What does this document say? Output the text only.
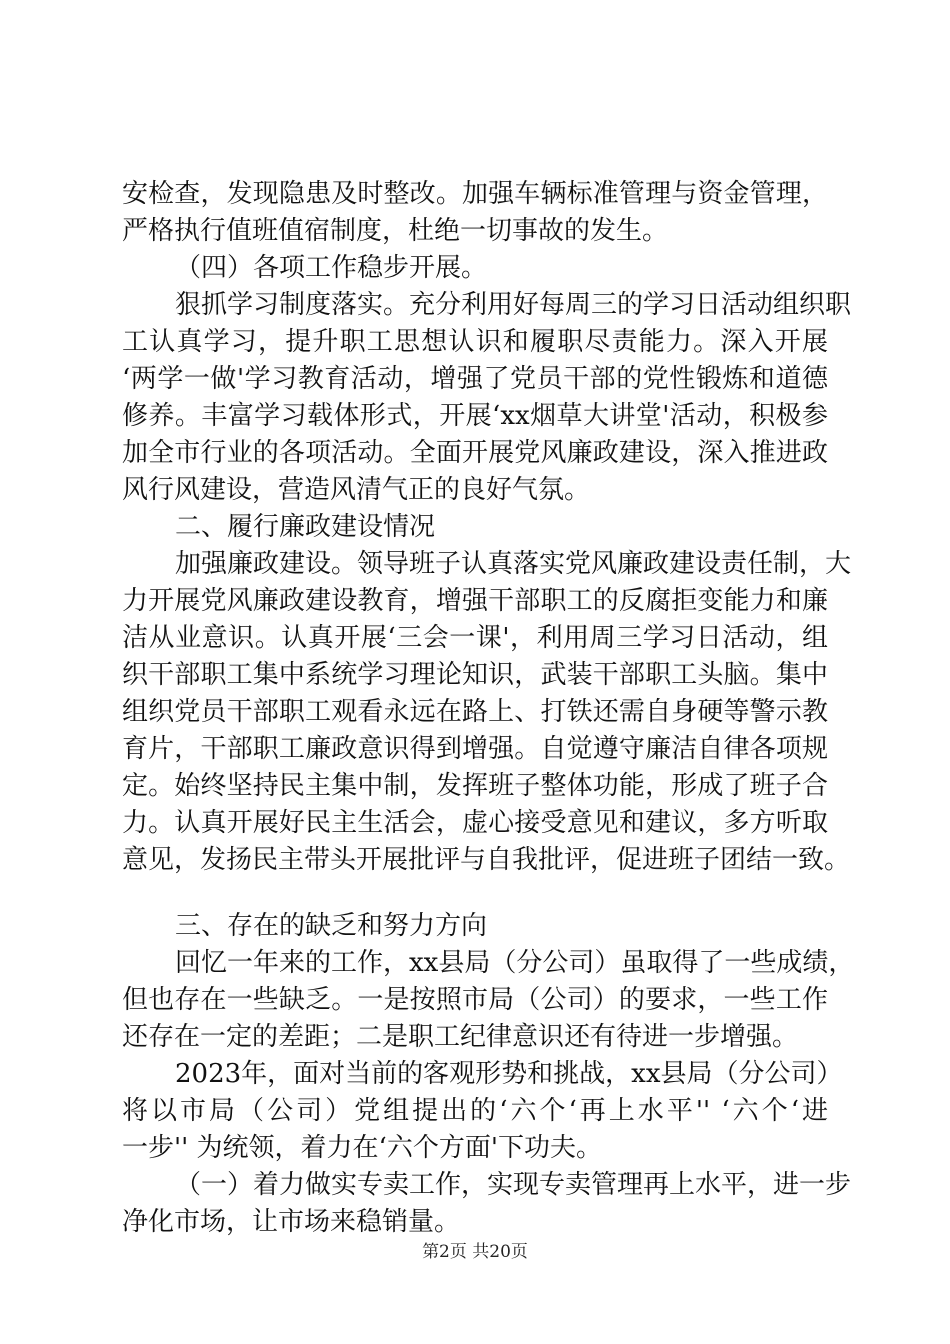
安检查，发现隐患及时整改。加强车辆标准管理与资金管理，
严格执行值班值宿制度，杜绝一切事故的发生。
（四）各项工作稳步开展。
狠抓学习制度落实。充分利用好每周三的学习日活动组织职
工认真学习，提升职工思想认识和履职尽责能力。深入开展
‘两学一做'学习教育活动，增强了党员干部的党性锻炼和道德
修养。丰富学习载体形式，开展‘xx烟草大讲堂'活动，积极参
加全市行业的各项活动。全面开展党风廉政建设，深入推进政
风行风建设，营造风清气正的良好气氛。
二、履行廉政建设情况
加强廉政建设。领导班子认真落实党风廉政建设责任制，大
力开展党风廉政建设教育，增强干部职工的反腐拒变能力和廉
洁从业意识。认真开展‘三会一课'，利用周三学习日活动，组
织干部职工集中系统学习理论知识，武装干部职工头脑。集中
组织党员干部职工观看永远在路上、打铁还需自身硬等警示教
育片，干部职工廉政意识得到增强。自觉遵守廉洁自律各项规
定。始终坚持民主集中制，发挥班子整体功能，形成了班子合
力。认真开展好民主生活会，虚心接受意见和建议，多方听取
意见，发扬民主带头开展批评与自我批评，促进班子团结一致。
三、存在的缺乏和努力方向
回忆一年来的工作，xx县局（分公司）虽取得了一些成绩，
但也存在一些缺乏。一是按照市局（公司）的要求，一些工作
还存在一定的差距；二是职工纪律意识还有待进一步增强。
2023年，面对当前的客观形势和挑战，xx县局（分公司）
将以市局（公司）党组提出的‘六个‘再上水平'' ‘六个‘进
一步'' 为统领，着力在‘六个方面'下功夫。
（一）着力做实专卖工作，实现专卖管理再上水平，进一步
净化市场，让市场来稳销量。
第2页 共20页
